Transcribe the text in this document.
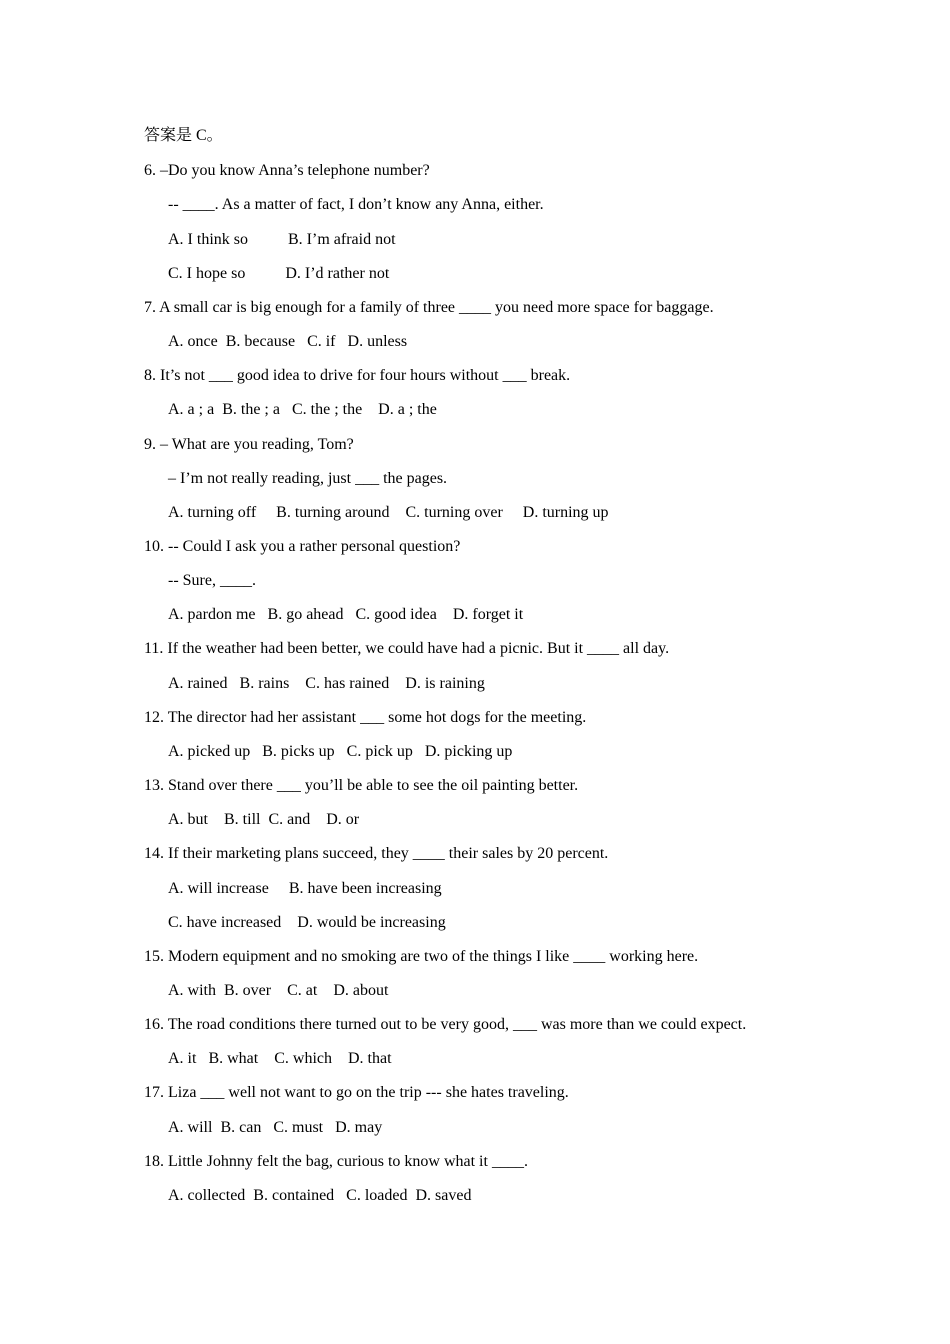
答案是 C。
6. –Do you know Anna’s telephone number?
-- ____. As a matter of fact, I don’t know any Anna, either.
A. I think so          B. I’m afraid not
C. I hope so          D. I’d rather not
7. A small car is big enough for a family of three ____ you need more space for baggage.
A. once  B. because   C. if   D. unless
8. It’s not ___ good idea to drive for four hours without ___ break.
A. a ; a  B. the ; a   C. the ; the    D. a ; the
9. – What are you reading, Tom?
– I’m not really reading, just ___ the pages.
A. turning off     B. turning around    C. turning over     D. turning up
10. -- Could I ask you a rather personal question?
-- Sure, ____.
A. pardon me   B. go ahead   C. good idea    D. forget it
11. If the weather had been better, we could have had a picnic. But it ____ all day.
A. rained   B. rains    C. has rained    D. is raining
12. The director had her assistant ___ some hot dogs for the meeting.
A. picked up   B. picks up   C. pick up   D. picking up
13. Stand over there ___ you’ll be able to see the oil painting better.
A. but    B. till  C. and    D. or
14. If their marketing plans succeed, they ____ their sales by 20 percent.
A. will increase     B. have been increasing
C. have increased    D. would be increasing
15. Modern equipment and no smoking are two of the things I like ____ working here.
A. with  B. over    C. at    D. about
16. The road conditions there turned out to be very good, ___ was more than we could expect.
A. it   B. what    C. which    D. that
17. Liza ___ well not want to go on the trip --- she hates traveling.
A. will  B. can   C. must   D. may
18. Little Johnny felt the bag, curious to know what it ____.
A. collected  B. contained   C. loaded  D. saved
